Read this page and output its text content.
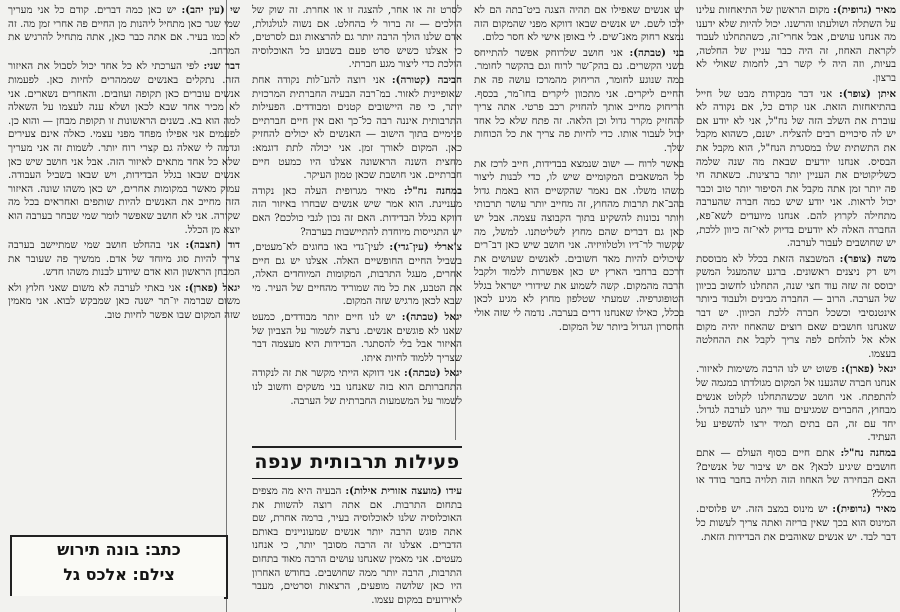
מאיר (גרופית): מקום הראשון של התיאחזות עלינו על השתלה ושולעתו והרשנו. יכול להיות שלא ידענו מה אנחנו עושים, אבל אחרי־זה, כשהתחלנו לעבוד לקראת האחוז, זה היה כבר עניין של החלטה, בעיות, וזה היה לי קשר רב, לחמות שאולי לא ברצון.

איתן (צופר): אני דבר מבקודת מבט של חייל בהתיאחזות הזאת. אנו קודם כל, אם נקודה לא עוברת את השלב הזה של נח"ל, אני לא יודע אם יש לה סיכויים רבים להצליח. ישנם, כשהוא מקבל את התשתית שלו במסגרת הנח"ל, הוא מקבל את הבסיס. אנחנו יודעים שבאת מה שנה שלמה כשליקוטים את העניין יותר ברצינות. כשאתה חי פה יותר זמן אתה מקבל את הסיפור יותר טוב וכבר יכול לראות. אני יודע שיש כמה חברה שהערבה מתחילה לקרוץ להם. אנחנו מיועדים לשא־פא, החברה האלה לא יודעים בדיוק לאי־זה כיוון ללכת, יש שחושבים לעבור לערבה.

משה (צופר): המשבצה הזאת בכלל לא מבוססת ויש רק ניצנים ראשונים. ברגע שהמעגל המשק יבוסס זה שזה עוד חצי שנה, התחלנו לחשוב בכיוון של הערבה. הרוב — החברה מבינים ולעבוד ביותר אינטנסיבי וכשכל חברה ללכת הכיוון. יש דבר שאנחנו חושבים שאם רוצים שהאחוז יהיה מקום אלא אל להלחם לפה צריך לקבל את ההחלטה בעצמו.

יגאל (פארן): פשוט יש לנו הרבה משימות לאיזור. אנחנו חברה שהגענו אל המקום מגולדתו במגמה של להתפתח. אני חושב שכשהתחלנו לקלוט אנשים מבחוץ, החברים שמגיעים עוד ייתנו לערבה לגדול. יחד עם זה, הם בתים תמיד ירצו להשפיע על העתיד.

במחנה נח"ל: אתם חיים בסוף העולם — אתם חושבים שיגיע לכאן? אם יש ציבור של אנשים? האם הבחירה של האחוז הזה תלויה בחבר בודד או בכלל?

מאיר (גרופית): יש מינוס במצב הזה. יש פלוסים. המינוס הוא בכך שאין בריזה ואתה צריך לעשות כל דבר לבד. יש אנשים שאוהבים את הבדידות הזאת.

יש אנשים שאפילו אם תהיה הצגה ביט־בתה הם לא ילכו לשם. יש אנשים שבאו דווקא מפני שהמקום הזה נמצא רחוק מאנ־שים. לי באופן אישי לא חסר כלום.

בני (טבתה): אני חושב שלרוחק אפשר להתייחס בשני הקשרים. גם בהק־שר לרוח וגם בהקשר לחומר. במה שנוגע לחומר, הריחוק מהמרכז עושה פה את החיים ליקרים. אני מתכוון ליקרים בחו־מר, בכסף. הריחוק מחייב אותך להחזיק רכב פרטי. אתה צריך להחזיק מקרר גדול וכן הלאה. זה פתח שלא כל אחד יכול לעבור אותו. כדי לחיות פה צריך את כל הכוחות שלך.

באשר לרוח — ישוב שנמצא בבדידות, חייב לרכז את כל המשאבים המקומיים שיש לו, כדי לבנות ליצור משהו משלו. אם נאמר שהקשיים הוא באמת גדול בהב־את תרבות מהחוץ, זה מחייב יותר עושר תרבותי ויותר נכונות להשקיע בתוך הקבוצה עצמה. אבל יש כאן גם דברים שהם מחוץ לשליטתנו. למשל, מה שקשור לר־דיו ולטלוויזיה. אני חושב שיש כאן דב־רים שיכולים להיות מאד חשובים. לאנשים שעושים את דרכם ברחבי הארץ יש כאן אפשרות ללמוד ולקבל הרבה מהמקום. קשה לשמוע את שידורי ישראל בגלל הטופוגרפיה. שמעתי שטלפון מחוץ לא מגיע לכאן בכלל, כאילו שאנחנו דרים בערבה. נדמה לי שזה אולי החסרון הגדול ביותר של המקום.

לסרט זה או אחר, להצגה זו או אחרת. זה שוק של הולכים — זה ברור לי בהחלט. אם נשוה לגולגולת, אדם שלנו הולך הרבה יותר גם להרצאות וגם לסרטים, כי אצלנו כשיש סרט פעם בשבוע כל האוכלוסיה הולכת כדי ליצור מגע חברתי.

חביבה (קטורה): אני רוצה להע־לות נקודה אחת שאופיינית לאזור. במ־רבה הבעיה החברתית המרכזית יותר, כי פה היישובים קטנים ומבודדים. הפעילות התרבותית איננה רבה כל־כך ואם אין חיים חברתיים פנימיים בתוך הישוב — האנשים לא יכולים להחזיק כאן. המקום לאורך זמן. אני יכולה לתת דוגמא: מחצית השנה הראשונה אצלנו היו כמעט חיים חברתיים. אני חושבת שכאן טמון העיקר.

במחנה נח"ל: מאיר מגרופית העלה כאן נקודה מעניינת. הוא אמר שיש אנשים שבחרו באיזור הזה דווקא בגלל הבדידות. האם זה נכון לגבי כולכם? האם יש התגייסות מיוחדת להתיישבות בערבה?

צ'ארלי (עין־גדי): לעין־גדי באו בחוגים לא־מעטים, בשביל החיים החופשיים האלה. אצלנו יש גם חיים אחרים, מעגל התרבות, המקומות המיוחדים האלה, את הטבע, את כל מה שמוריד מהחיים של העיר. מי שבא לכאן מרגיש שזה המקום.

יגאל (טבתה): יש לנו חיים יותר מבודדים, כמעט שאנו לא פוגשים אנשים. נרצה לשמור על הצביון של האיזור אבל בלי להסתגר. הבדידות היא מעצמה דבר שצריך ללמוד לחיות איתו.

יגאל (טבתה): אני דווקא הייתי מקשר את זה לנקודה התחברותם הוא בזה שאנחנו בני משקים וחשוב לנו לשמור על המשמעות החברתית של הערבה.

שי (עין יהב): יש כאן כמה דברים. קודם כל אני מעריך שמי שגר כאן מתחיל ליהנות מן החיים פה אחרי זמן מה. זה לא כמו בעיר. אם אתה כבר כאן, אתה מתחיל להרגיש את המרחב.

דבר שני: לפי הערכתי לא כל אחד יכול לסבול את האיזור הזה. נתקלים באנשים שממהרים לחיות כאן. לפעמות אנשים עוברים כאן תקופה ועוזבים. והאחרים נשארים. אני לא מכיר אחד שבא לכאן ושלא ענה לעצמו על השאלה למה הוא בא. בשנים הראשונות זו תקופת מבחן — והוא כן. לפעמים אני אפילו מפחד מפני עצמי. כאלה אינם צעירים וגדמה לי שאלה גם קצרי רוח יותר. לשמות זה אני מעריך שלא כל אחד מתאים לאיזור הזה. אבל אני חושב שיש כאן אנשים שבאו בגלל הבדידות, ויש שבאו בשביל העבודה. עמוק מאשר במקומות אחרים, יש כאן משהו שונה. האיזור הזה מחייב את האנשים להיות שותפים ואחראים בכל מה שקורה. אני לא חושב שאפשר לומר שמי שבחר בערבה הוא יוצא מן הכלל.

דוד (חצבה): אני בהחלט חושב שמי שמתיישב בערבה צריך להיות סוג מיוחד של אדם. ממשיך פה שעובר את המבחן הראשון הוא אדם שיודע לבנות משהו חדש.

יגאל (פארן): אני באתי לערבה לא משום שאני חלוץ ולא משום שברמה יו־תר ישנה כאן שמבקש לבוא. אני מאמין שזה המקום שבו אפשר לחיות טוב.

פעילות תרבותית ענפה

עידו (מועצה אזורית אילות): הבעיה היא מה מצפים בתחום התרבות. אם אתה רוצה להשוות את האוכלוסיה שלנו לאוכלוסיה בעיר, ברמה אחרת, שם אתה פוגש הרבה יותר אנשים שמעוניינים באותם הדברים. אצלנו זה הרבה מסובך יותר, כי אנחנו מעטים. אני מאמין שאנחנו עושים הרבה מאוד בתחום התרבות, הרבה יותר ממה שחושבים. בחודש האחרון היו כאן שלושה מופעים, הרצאות וסרטים, מעבר לאירועים במקום עצמו.

כתב: בונה תירוש
צילם: אלכס גל
